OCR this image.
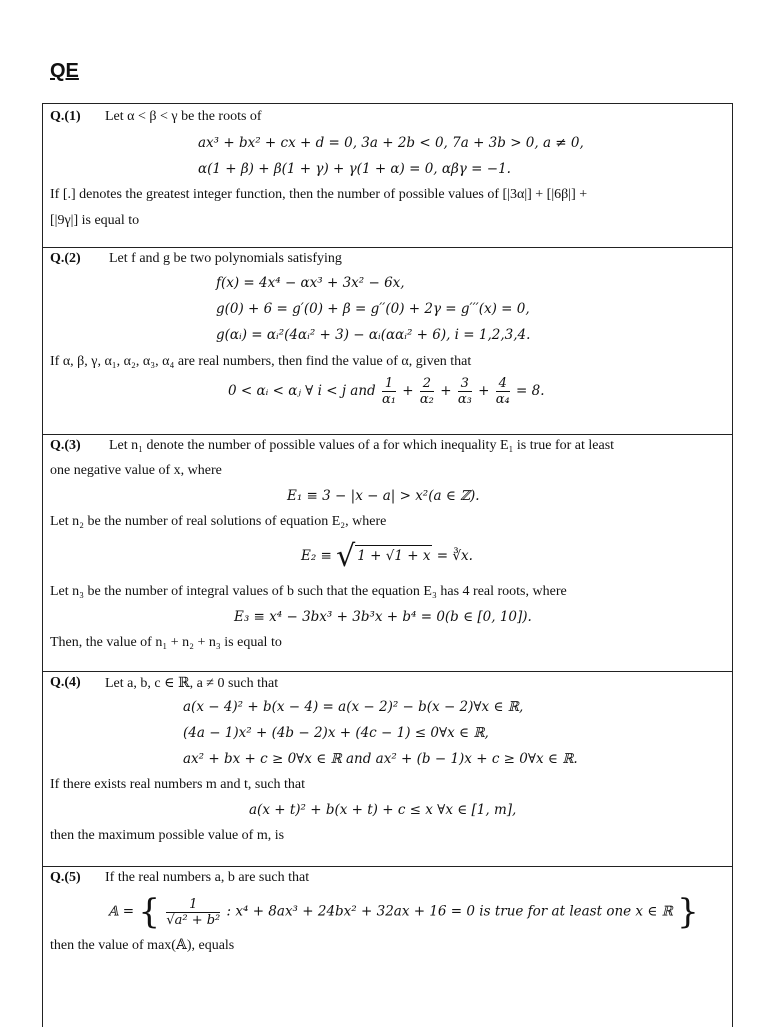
QE
Q.(1) Let α < β < γ be the roots of
ax³ + bx² + cx + d = 0, 3a + 2b < 0, 7a + 3b > 0, a ≠ 0,
α(1 + β) + β(1 + γ) + γ(1 + α) = 0, αβγ = −1.
If [.] denotes the greatest integer function, then the number of possible values of [|3α|] + [|6β|] +
[|9γ|] is equal to
Q.(2) Let f and g be two polynomials satisfying
f(x) = 4x⁴ − αx³ + 3x² − 6x,
g(0) + 6 = g′(0) + β = g′′(0) + 2γ = g′′′(x) = 0,
g(αᵢ) = αᵢ²(4αᵢ² + 3) − αᵢ(ααᵢ² + 6), i = 1,2,3,4.
If α, β, γ, α₁, α₂, α₃, α₄ are real numbers, then find the value of α, given that
0 < αᵢ < αⱼ ∀ i < j and $\frac{1}{\text{α₁}} + \frac{2}{\text{α₂}} + \frac{3}{\text{α₃}} + \frac{4}{\text{α₄}} = 8$.
Q.(3) Let n₁ denote the number of possible values of a for which inequality E₁ is true for at least
one negative value of x, where
E₁ ≡ 3 − |x − a| > x²(a ∈ ℤ).
Let n₂ be the number of real solutions of equation E₂, where
E₂ ≡ √ 1 + √1 + x = ∛x.
Let n₃ be the number of integral values of b such that the equation E₃ has 4 real roots, where
E₃ ≡ x⁴ − 3bx³ + 3b³x + b⁴ = 0(b ∈ [0, 10]).
Then, the value of n₁ + n₂ + n₃ is equal to
Q.(4) Let a, b, c ∈ ℝ, a ≠ 0 such that
a(x − 4)² + b(x − 4) = a(x − 2)² − b(x − 2)∀x ∈ ℝ,
(4a − 1)x² + (4b − 2)x + (4c − 1) ≤ 0∀x ∈ ℝ,
ax² + bx + c ≥ 0∀x ∈ ℝ and ax² + (b − 1)x + c ≥ 0∀x ∈ ℝ.
If there exists real numbers m and t, such that
a(x + t)² + b(x + t) + c ≤ x ∀x ∈ [1, m],
then the maximum possible value of m, is
Q.(5) If the real numbers a, b are such that
𝔸 = { $\frac{1}{\text{√a² + b²}}$ : x⁴ + 8ax³ + 24bx² + 32ax + 16 = 0 is true for at least one x ∈ ℝ }
then the value of max(𝔸), equals
